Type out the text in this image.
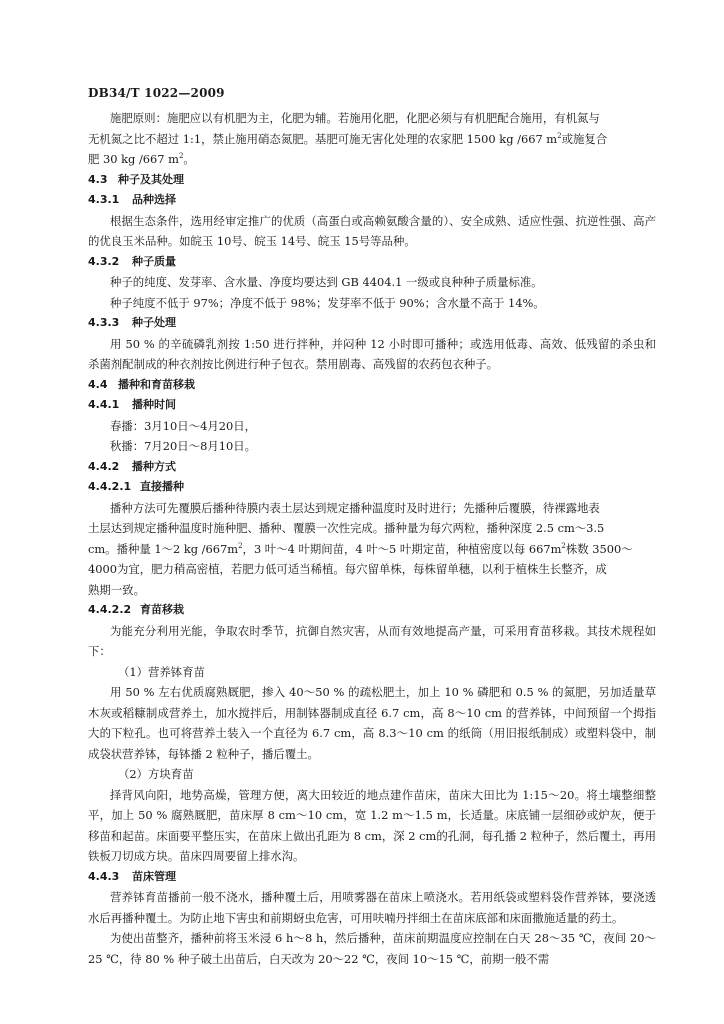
DB34/T 1022—2009

施肥原则：施肥应以有机肥为主，化肥为辅。若施用化肥，化肥必须与有机肥配合施用，有机氮与

无机氮之比不超过 1:1，禁止施用硝态氮肥。基肥可施无害化处理的农家肥 1500 kg /667 $m^2$或施复合

肥 30 kg /667 $m^2$。

4.3 种子及其处理
4.3.1 品种选择

根据生态条件，选用经审定推广的优质（高蛋白或高赖氨酸含量的）、安全成熟、适应性强、抗逆性强、高产的优良玉米品种。如皖玉 10号、皖玉 14号、皖玉 15号等品种。

4.3.2 种子质量

种子的纯度、发芽率、含水量、净度均要达到 GB 4404.1 一级或良种种子质量标准。

种子纯度不低于 97%；净度不低于 98%；发芽率不低于 90%；含水量不高于 14%。

4.3.3 种子处理

用 50 % 的辛硫磷乳剂按 1:50 进行拌种，并闷种 12 小时即可播种；或选用低毒、高效、低残留的杀虫和杀菌剂配制成的种衣剂按比例进行种子包衣。禁用剧毒、高残留的农药包衣种子。

4.4 播种和育苗移栽
4.4.1 播种时间

春播：3月10日～4月20日，

秋播：7月20日～8月10日。

4.4.2 播种方式
4.4.2.1 直接播种

播种方法可先覆膜后播种待膜内表土层达到规定播种温度时及时进行；先播种后覆膜，待裸露地表

土层达到规定播种温度时施种肥、播种、覆膜一次性完成。播种量为每穴两粒，播种深度 2.5 cm～3.5

cm。播种量 1～2 kg $/667m^2$，3 叶～4 叶期间苗，4 叶～5 叶期定苗，种植密度以每 $667m^2$株数 3500～

4000为宜，肥力稍高密植，若肥力低可适当稀植。每穴留单株，每株留单穗，以利于植株生长整齐，成

熟期一致。

4.4.2.2 育苗移栽

为能充分利用光能，争取农时季节，抗御自然灾害，从而有效地提高产量，可采用育苗移栽。其技术规程如下：

（1）营养钵育苗

用 50 % 左右优质腐熟厩肥，掺入 40～50 % 的疏松肥土，加上 10 % 磷肥和 0.5 % 的氮肥，另加适量草木灰或稻糠制成营养土，加水搅拌后，用制钵器制成直径 6.7 cm，高 8～10 cm 的营养钵，中间预留一个拇指大的下粒孔。也可将营养土装入一个直径为 6.7 cm，高 8.3～10 cm 的纸筒（用旧报纸制成）或塑料袋中，制成袋状营养钵，每钵播 2 粒种子，播后覆土。

（2）方块育苗

择背风向阳，地势高燥，管理方便，离大田较近的地点建作苗床，苗床大田比为 1:15～20。将土壤整细整平，加上 50 % 腐熟厩肥，苗床厚 8 cm～10 cm，宽 1.2 m～1.5 m，长适量。床底铺一层细砂或炉灰，便于移苗和起苗。床面要平整压实，在苗床上做出孔距为 8 cm，深 2 cm的孔洞，每孔播 2 粒种子，然后覆土，再用铁板刀切成方块。苗床四周要留上排水沟。

4.4.3 苗床管理

营养钵育苗播前一般不浇水，播种覆土后，用喷雾器在苗床上喷浇水。若用纸袋或塑料袋作营养钵，要浇透水后再播种覆土。为防止地下害虫和前期蚜虫危害，可用呋喃丹拌细土在苗床底部和床面撒施适量的药土。

为使出苗整齐，播种前将玉米浸 6 h～8 h，然后播种，苗床前期温度应控制在白天 28～35 ℃，夜间 20～25 ℃，待 80 % 种子破土出苗后，白天改为 20～22 ℃，夜间 10～15 ℃，前期一般不需
